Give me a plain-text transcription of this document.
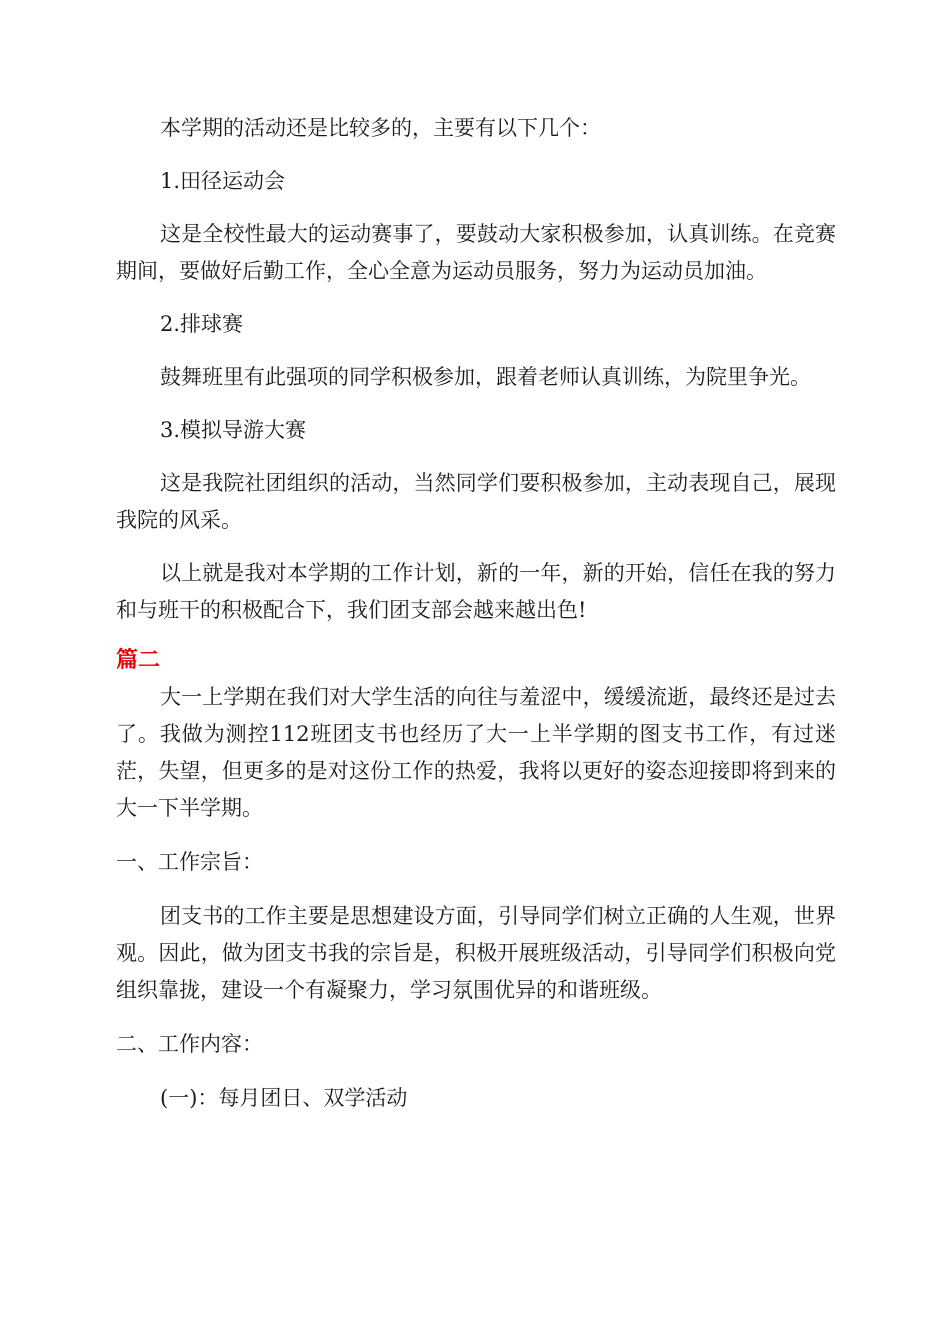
本学期的活动还是比较多的，主要有以下几个：

1.田径运动会

这是全校性最大的运动赛事了，要鼓动大家积极参加，认真训练。在竞赛期间，要做好后勤工作，全心全意为运动员服务，努力为运动员加油。

2.排球赛

鼓舞班里有此强项的同学积极参加，跟着老师认真训练，为院里争光。

3.模拟导游大赛

这是我院社团组织的活动，当然同学们要积极参加，主动表现自己，展现我院的风采。

以上就是我对本学期的工作计划，新的一年，新的开始，信任在我的努力和与班干的积极配合下，我们团支部会越来越出色!

篇二

大一上学期在我们对大学生活的向往与羞涩中，缓缓流逝，最终还是过去了。我做为测控112班团支书也经历了大一上半学期的图支书工作，有过迷茫，失望，但更多的是对这份工作的热爱，我将以更好的姿态迎接即将到来的大一下半学期。

一、工作宗旨：

团支书的工作主要是思想建设方面，引导同学们树立正确的人生观，世界观。因此，做为团支书我的宗旨是，积极开展班级活动，引导同学们积极向党组织靠拢，建设一个有凝聚力，学习氛围优异的和谐班级。

二、工作内容：

(一)：每月团日、双学活动
